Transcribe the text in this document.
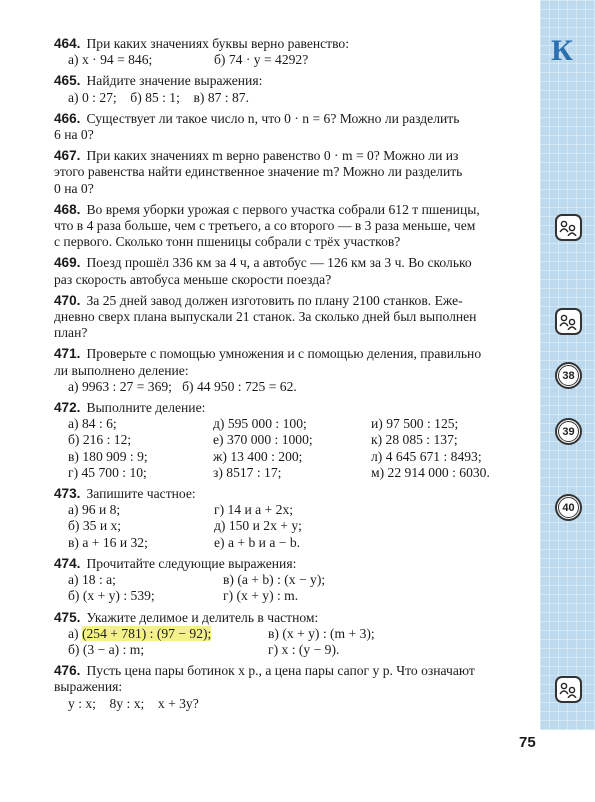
К
38
39
40
464. При каких значениях буквы верно равенство:
а) x · 94 = 846;	б) 74 · y = 4292?
465. Найдите значение выражения:
а) 0 : 27;    б) 85 : 1;    в) 87 : 87.
466. Существует ли такое число n, что 0 · n = 6? Можно ли разделить
6 на 0?
467. При каких значениях m верно равенство 0 · m = 0? Можно ли из
этого равенства найти единственное значение m? Можно ли разделить
0 на 0?
468. Во время уборки урожая с первого участка собрали 612 т пшеницы,
что в 4 раза больше, чем с третьего, а со второго — в 3 раза меньше, чем
с первого. Сколько тонн пшеницы собрали с трёх участков?
469. Поезд прошёл 336 км за 4 ч, а автобус — 126 км за 3 ч. Во сколько
раз скорость автобуса меньше скорости поезда?
470. За 25 дней завод должен изготовить по плану 2100 станков. Еже-
дневно сверх плана выпускали 21 станок. За сколько дней был выполнен
план?
471. Проверьте с помощью умножения и с помощью деления, правильно
ли выполнено деление:
а) 9963 : 27 = 369;   б) 44 950 : 725 = 62.
472. Выполните деление:
а) 84 : 6;	д) 595 000 : 100;	и) 97 500 : 125;
б) 216 : 12;	е) 370 000 : 1000;	к) 28 085 : 137;
в) 180 909 : 9;	ж) 13 400 : 200;	л) 4 645 671 : 8493;
г) 45 700 : 10;	з) 8517 : 17;	м) 22 914 000 : 6030.
473. Запишите частное:
а) 96 и 8;	г) 14 и a + 2x;
б) 35 и x;	д) 150 и 2x + y;
в) a + 16 и 32;	е) a + b и a − b.
474. Прочитайте следующие выражения:
а) 18 : a;	в) (a + b) : (x − y);
б) (x + y) : 539;	г) (x + y) : m.
475. Укажите делимое и делитель в частном:
а) (254 + 781) : (97 − 92);	в) (x + y) : (m + 3);
б) (3 − a) : m;	г) x : (y − 9).
476. Пусть цена пары ботинок x р., а цена пары сапог y р. Что означают
выражения:
y : x;    8y : x;    x + 3y?
75
